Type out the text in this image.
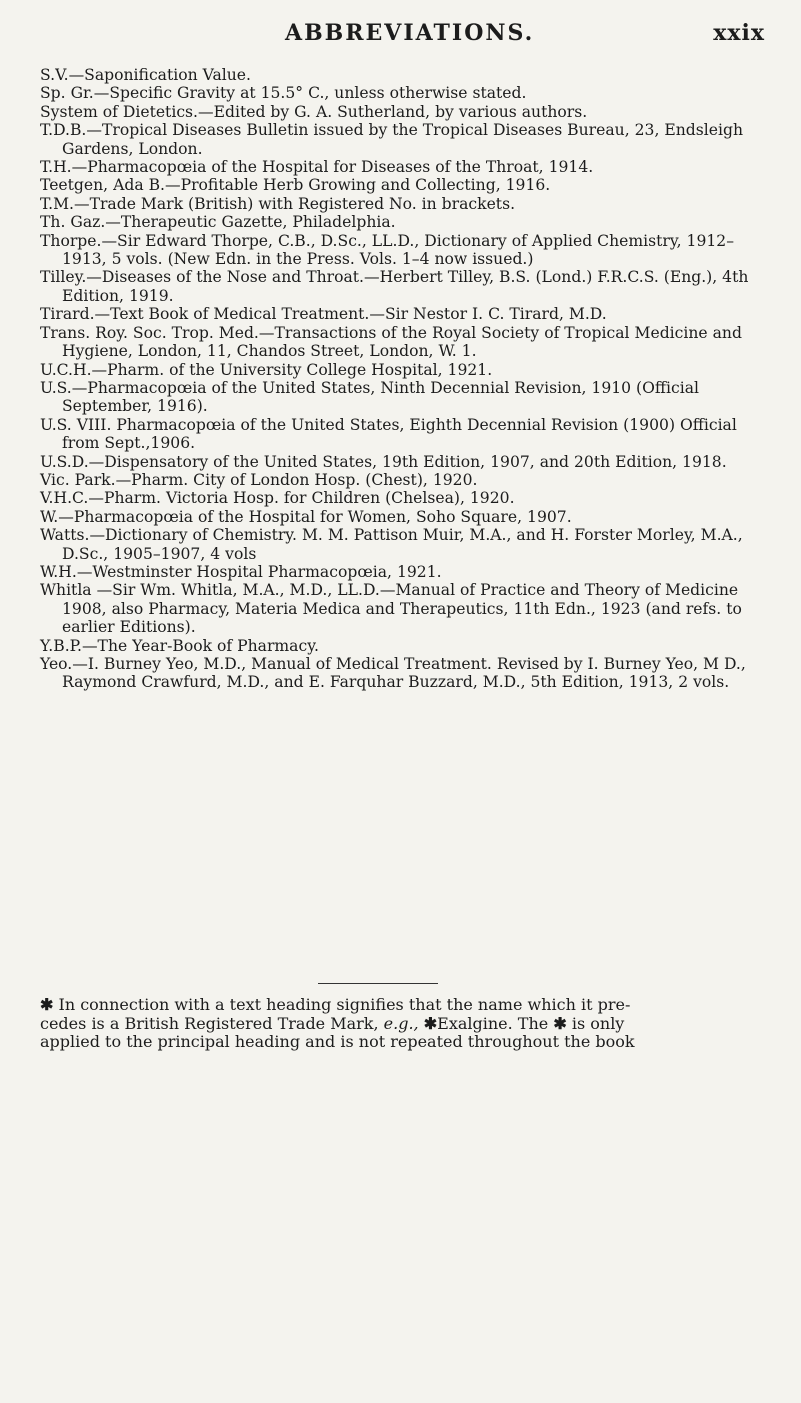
ABBREVIATIONS.	xxix
S.V.—Saponification Value.
Sp. Gr.—Specific Gravity at 15.5° C., unless otherwise stated.
System of Dietetics.—Edited by G. A. Sutherland, by various authors.
T.D.B.—Tropical Diseases Bulletin issued by the Tropical Diseases Bureau, 23, Endsleigh Gardens, London.
T.H.—Pharmacopœia of the Hospital for Diseases of the Throat, 1914.
Teetgen, Ada B.—Profitable Herb Growing and Collecting, 1916.
T.M.—Trade Mark (British) with Registered No. in brackets.
Th. Gaz.—Therapeutic Gazette, Philadelphia.
Thorpe.—Sir Edward Thorpe, C.B., D.Sc., LL.D., Dictionary of Applied Chemistry, 1912–1913, 5 vols. (New Edn. in the Press. Vols. 1–4 now issued.)
Tilley.—Diseases of the Nose and Throat.—Herbert Tilley, B.S. (Lond.) F.R.C.S. (Eng.), 4th Edition, 1919.
Tirard.—Text Book of Medical Treatment.—Sir Nestor I. C. Tirard, M.D.
Trans. Roy. Soc. Trop. Med.—Transactions of the Royal Society of Tropical Medicine and Hygiene, London, 11, Chandos Street, London, W. 1.
U.C.H.—Pharm. of the University College Hospital, 1921.
U.S.—Pharmacopœia of the United States, Ninth Decennial Revision, 1910 (Official September, 1916).
U.S. VIII. Pharmacopœia of the United States, Eighth Decennial Revision (1900) Official from Sept.,1906.
U.S.D.—Dispensatory of the United States, 19th Edition, 1907, and 20th Edition, 1918.
Vic. Park.—Pharm. City of London Hosp. (Chest), 1920.
V.H.C.—Pharm. Victoria Hosp. for Children (Chelsea), 1920.
W.—Pharmacopœia of the Hospital for Women, Soho Square, 1907.
Watts.—Dictionary of Chemistry. M. M. Pattison Muir, M.A., and H. Forster Morley, M.A., D.Sc., 1905–1907, 4 vols
W.H.—Westminster Hospital Pharmacopœia, 1921.
Whitla —Sir Wm. Whitla, M.A., M.D., LL.D.—Manual of Practice and Theory of Medicine 1908, also Pharmacy, Materia Medica and Therapeutics, 11th Edn., 1923 (and refs. to earlier Editions).
Y.B.P.—The Year-Book of Pharmacy.
Yeo.—I. Burney Yeo, M.D., Manual of Medical Treatment. Revised by I. Burney Yeo, M D., Raymond Crawfurd, M.D., and E. Farquhar Buzzard, M.D., 5th Edition, 1913, 2 vols.
✱ In connection with a text heading signifies that the name which it pre-
cedes is a British Registered Trade Mark, e.g., ✱Exalgine. The ✱ is only
applied to the principal heading and is not repeated throughout the book
